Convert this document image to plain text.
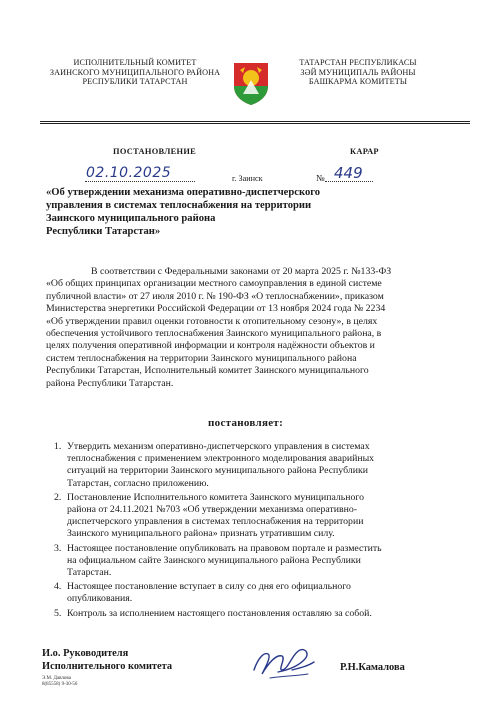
ИСПОЛНИТЕЛЬНЫЙ КОМИТЕТ
ЗАИНСКОГО МУНИЦИПАЛЬНОГО РАЙОНА
РЕСПУБЛИКИ ТАТАРСТАН
ТАТАРСТАН РЕСПУБЛИКАСЫ
ЗӘЙ МУНИЦИПАЛЬ РАЙОНЫ
БАШКАРМА КОМИТЕТЫ
ПОСТАНОВЛЕНИЕ	КАРАР
02.10.2025	г. Заинск	№ 449
«Об утверждении механизма оперативно-диспетчерского
управления в системах теплоснабжения на территории
Заинского муниципального района
Республики Татарстан»
В соответствии с Федеральными законами от 20 марта 2025 г. №133-ФЗ
«Об общих принципах организации местного самоуправления в единой системе
публичной власти» от 27 июля 2010 г. № 190-ФЗ «О теплоснабжении», приказом
Министерства энергетики Российской Федерации от 13 ноября 2024 года № 2234
«Об утверждении правил оценки готовности к отопительному сезону», в целях
обеспечения устойчивого теплоснабжения Заинского муниципального района, в
целях получения оперативной информации и контроля надёжности объектов и
систем теплоснабжения на территории Заинского муниципального района
Республики Татарстан, Исполнительный комитет Заинского муниципального
района Республики Татарстан.
постановляет:
1. Утвердить механизм оперативно-диспетчерского управления в системах
теплоснабжения с применением электронного моделирования аварийных
ситуаций на территории Заинского муниципального района Республики
Татарстан, согласно приложению.
2. Постановление Исполнительного комитета Заинского муниципального
района от 24.11.2021 №703 «Об утверждении механизма оперативно-
диспетчерского управления в системах теплоснабжения на территории
Заинского муниципального района» признать утратившим силу.
3. Настоящее постановление опубликовать на правовом портале и разместить
на официальном сайте Заинского муниципального района Республики
Татарстан.
4. Настоящее постановление вступает в силу со дня его официального
опубликования.
5. Контроль за исполнением настоящего постановления оставляю за собой.
И.о. Руководителя
Исполнительного комитета
Э.М. Давлова
8(85558) 9-30-56
Р.Н.Камалова
